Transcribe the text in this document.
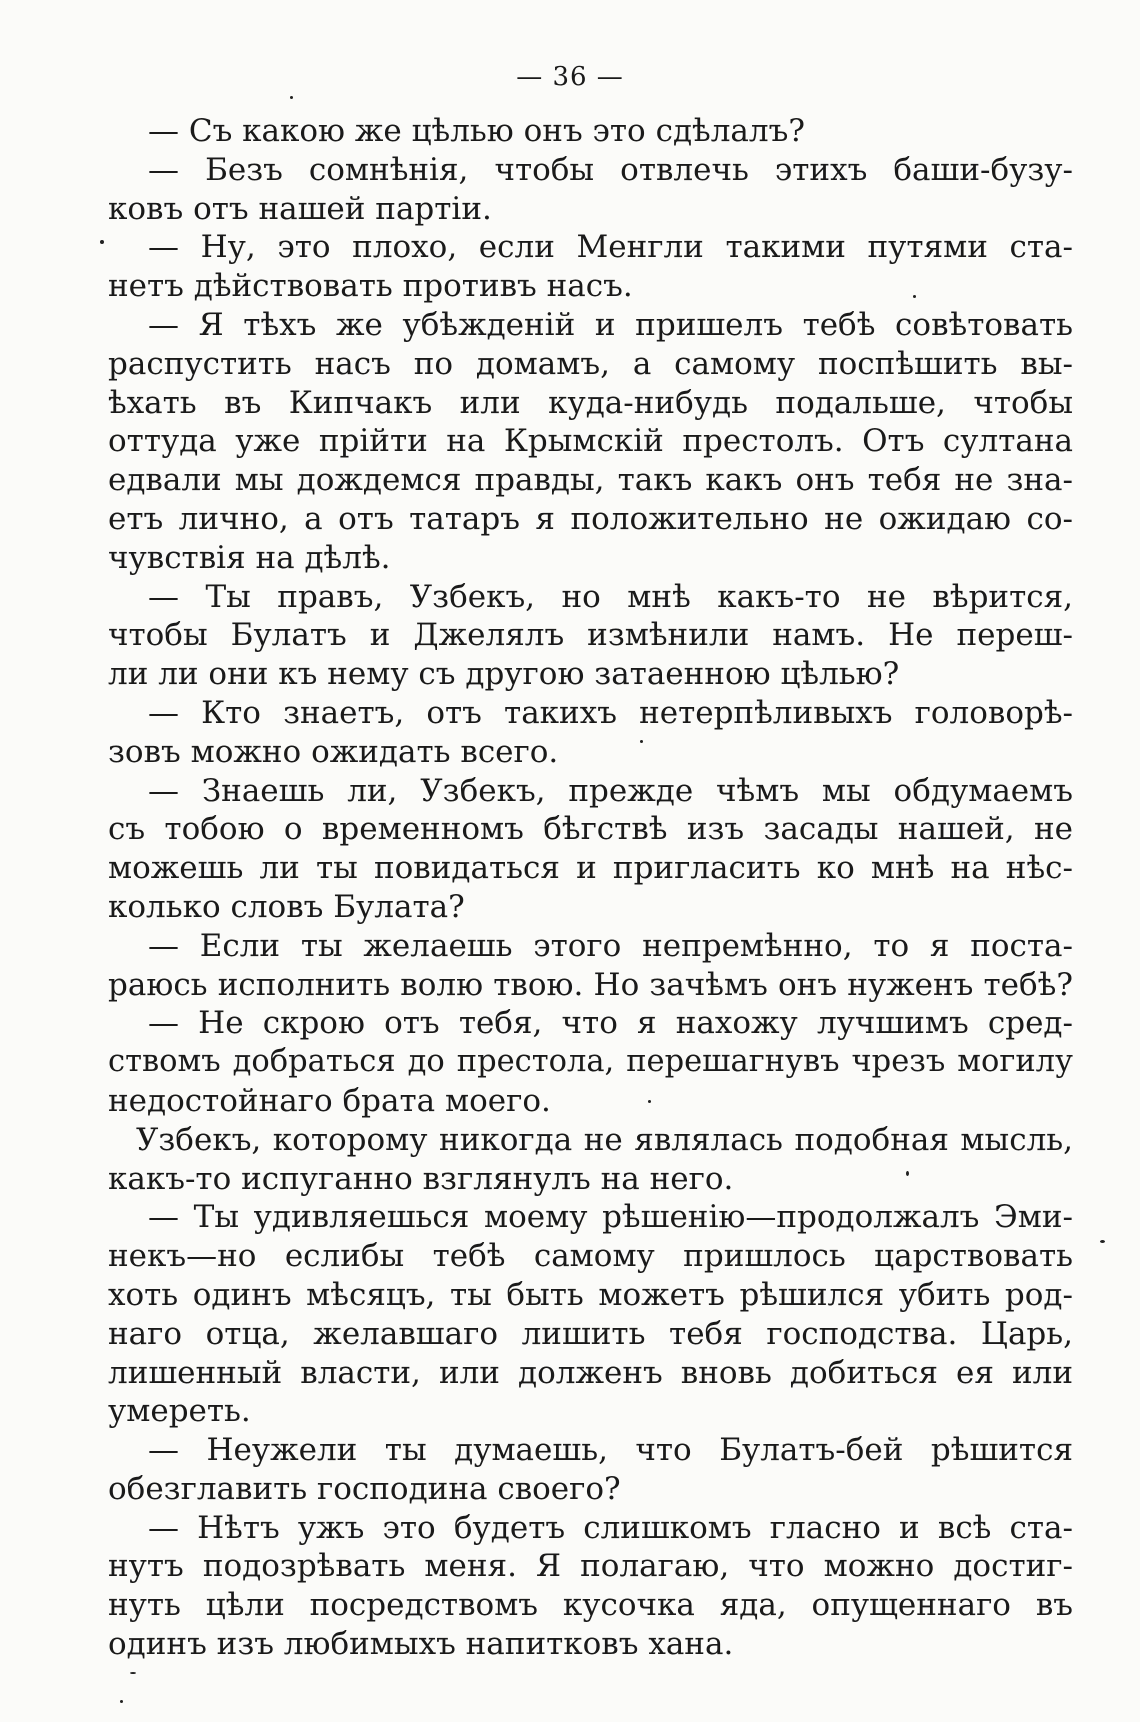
— 36 —
— Съ какою же цѣлью онъ это сдѣлалъ?
— Безъ сомнѣнія, чтобы отвлечь этихъ баши-бузу-
ковъ отъ нашей партіи.
— Ну, это плохо, если Менгли такими путями ста-
нетъ дѣйствовать противъ насъ.
— Я тѣхъ же убѣжденій и пришелъ тебѣ совѣтовать
распустить насъ по домамъ, а самому поспѣшить вы-
ѣхать въ Кипчакъ или куда-нибудь подальше, чтобы
оттуда уже прійти на Крымскій престолъ. Отъ султана
едвали мы дождемся правды, такъ какъ онъ тебя не зна-
етъ лично, а отъ татаръ я положительно не ожидаю со-
чувствія на дѣлѣ.
— Ты правъ, Узбекъ, но мнѣ какъ-то не вѣрится,
чтобы Булатъ и Джелялъ измѣнили намъ. Не переш-
ли ли они къ нему съ другою затаенною цѣлью?
— Кто знаетъ, отъ такихъ нетерпѣливыхъ головорѣ-
зовъ можно ожидать всего.
— Знаешь ли, Узбекъ, прежде чѣмъ мы обдумаемъ
съ тобою о временномъ бѣгствѣ изъ засады нашей, не
можешь ли ты повидаться и пригласить ко мнѣ на нѣс-
колько словъ Булата?
— Если ты желаешь этого непремѣнно, то я поста-
раюсь исполнить волю твою. Но зачѣмъ онъ нуженъ тебѣ?
— Не скрою отъ тебя, что я нахожу лучшимъ сред-
ствомъ добраться до престола, перешагнувъ чрезъ могилу
недостойнаго брата моего.
Узбекъ, которому никогда не являлась подобная мысль,
какъ-то испуганно взглянулъ на него.
— Ты удивляешься моему рѣшенію—продолжалъ Эми-
некъ—но еслибы тебѣ самому пришлось царствовать
хоть одинъ мѣсяцъ, ты быть можетъ рѣшился убить род-
наго отца, желавшаго лишить тебя господства. Царь,
лишенный власти, или долженъ вновь добиться ея или
умереть.
— Неужели ты думаешь, что Булатъ-бей рѣшится
обезглавить господина своего?
— Нѣтъ ужъ это будетъ слишкомъ гласно и всѣ ста-
нутъ подозрѣвать меня. Я полагаю, что можно достиг-
нуть цѣли посредствомъ кусочка яда, опущеннаго въ
одинъ изъ любимыхъ напитковъ хана.
